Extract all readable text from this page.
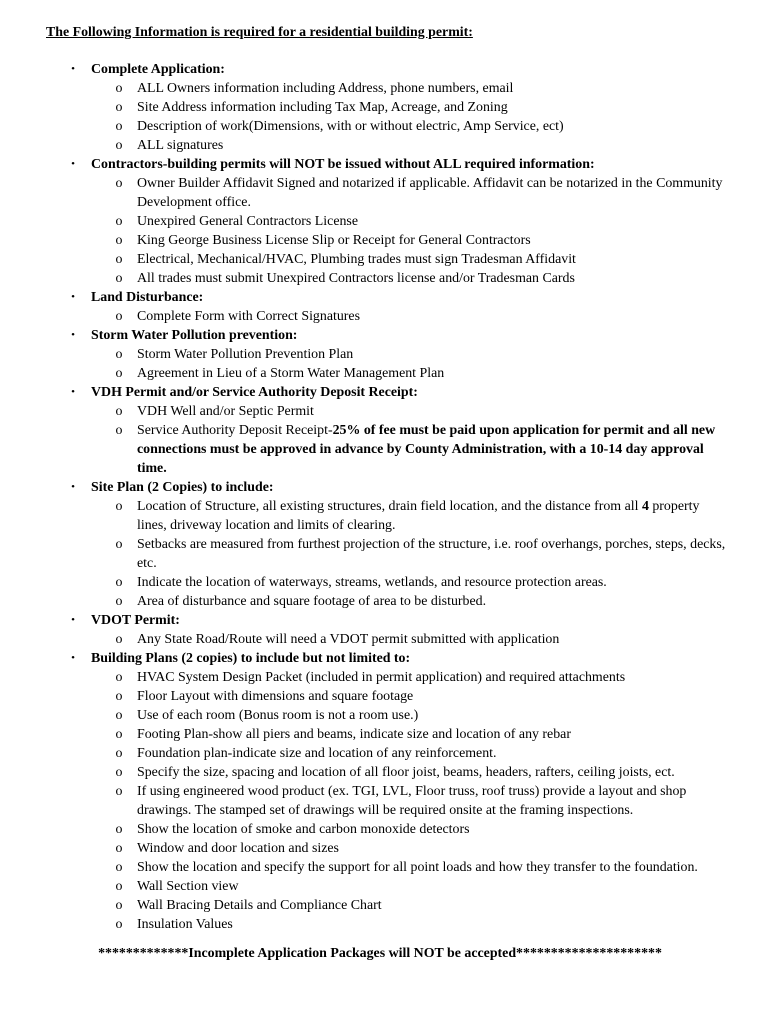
The Following Information is required for a residential building permit:
• Complete Application:
o ALL Owners information including Address, phone numbers, email
o Site Address information including Tax Map, Acreage, and Zoning
o Description of work(Dimensions, with or without electric, Amp Service, ect)
o ALL signatures
• Contractors-building permits will NOT be issued without ALL required information:
o Owner Builder Affidavit Signed and notarized if applicable. Affidavit can be notarized in the Community Development office.
o Unexpired General Contractors License
o King George Business License Slip or Receipt for General Contractors
o Electrical, Mechanical/HVAC, Plumbing trades must sign Tradesman Affidavit
o All trades must submit Unexpired Contractors license and/or Tradesman Cards
• Land Disturbance:
o Complete Form with Correct Signatures
• Storm Water Pollution prevention:
o Storm Water Pollution Prevention Plan
o Agreement in Lieu of a Storm Water Management Plan
• VDH Permit and/or Service Authority Deposit Receipt:
o VDH Well and/or Septic Permit
o Service Authority Deposit Receipt-25% of fee must be paid upon application for permit and all new connections must be approved in advance by County Administration, with a 10-14 day approval time.
• Site Plan (2 Copies) to include:
o Location of Structure, all existing structures, drain field location, and the distance from all 4 property lines, driveway location and limits of clearing.
o Setbacks are measured from furthest projection of the structure, i.e. roof overhangs, porches, steps, decks, etc.
o Indicate the location of waterways, streams, wetlands, and resource protection areas.
o Area of disturbance and square footage of area to be disturbed.
• VDOT Permit:
o Any State Road/Route will need a VDOT permit submitted with application
• Building Plans (2 copies) to include but not limited to:
o HVAC System Design Packet (included in permit application) and required attachments
o Floor Layout with dimensions and square footage
o Use of each room (Bonus room is not a room use.)
o Footing Plan-show all piers and beams, indicate size and location of any rebar
o Foundation plan-indicate size and location of any reinforcement.
o Specify the size, spacing and location of all floor joist, beams, headers, rafters, ceiling joists, ect.
o If using engineered wood product (ex. TGI, LVL, Floor truss, roof truss) provide a layout and shop drawings. The stamped set of drawings will be required onsite at the framing inspections.
o Show the location of smoke and carbon monoxide detectors
o Window and door location and sizes
o Show the location and specify the support for all point loads and how they transfer to the foundation.
o Wall Section view
o Wall Bracing Details and Compliance Chart
o Insulation Values
*************Incomplete Application Packages will NOT be accepted*********************
